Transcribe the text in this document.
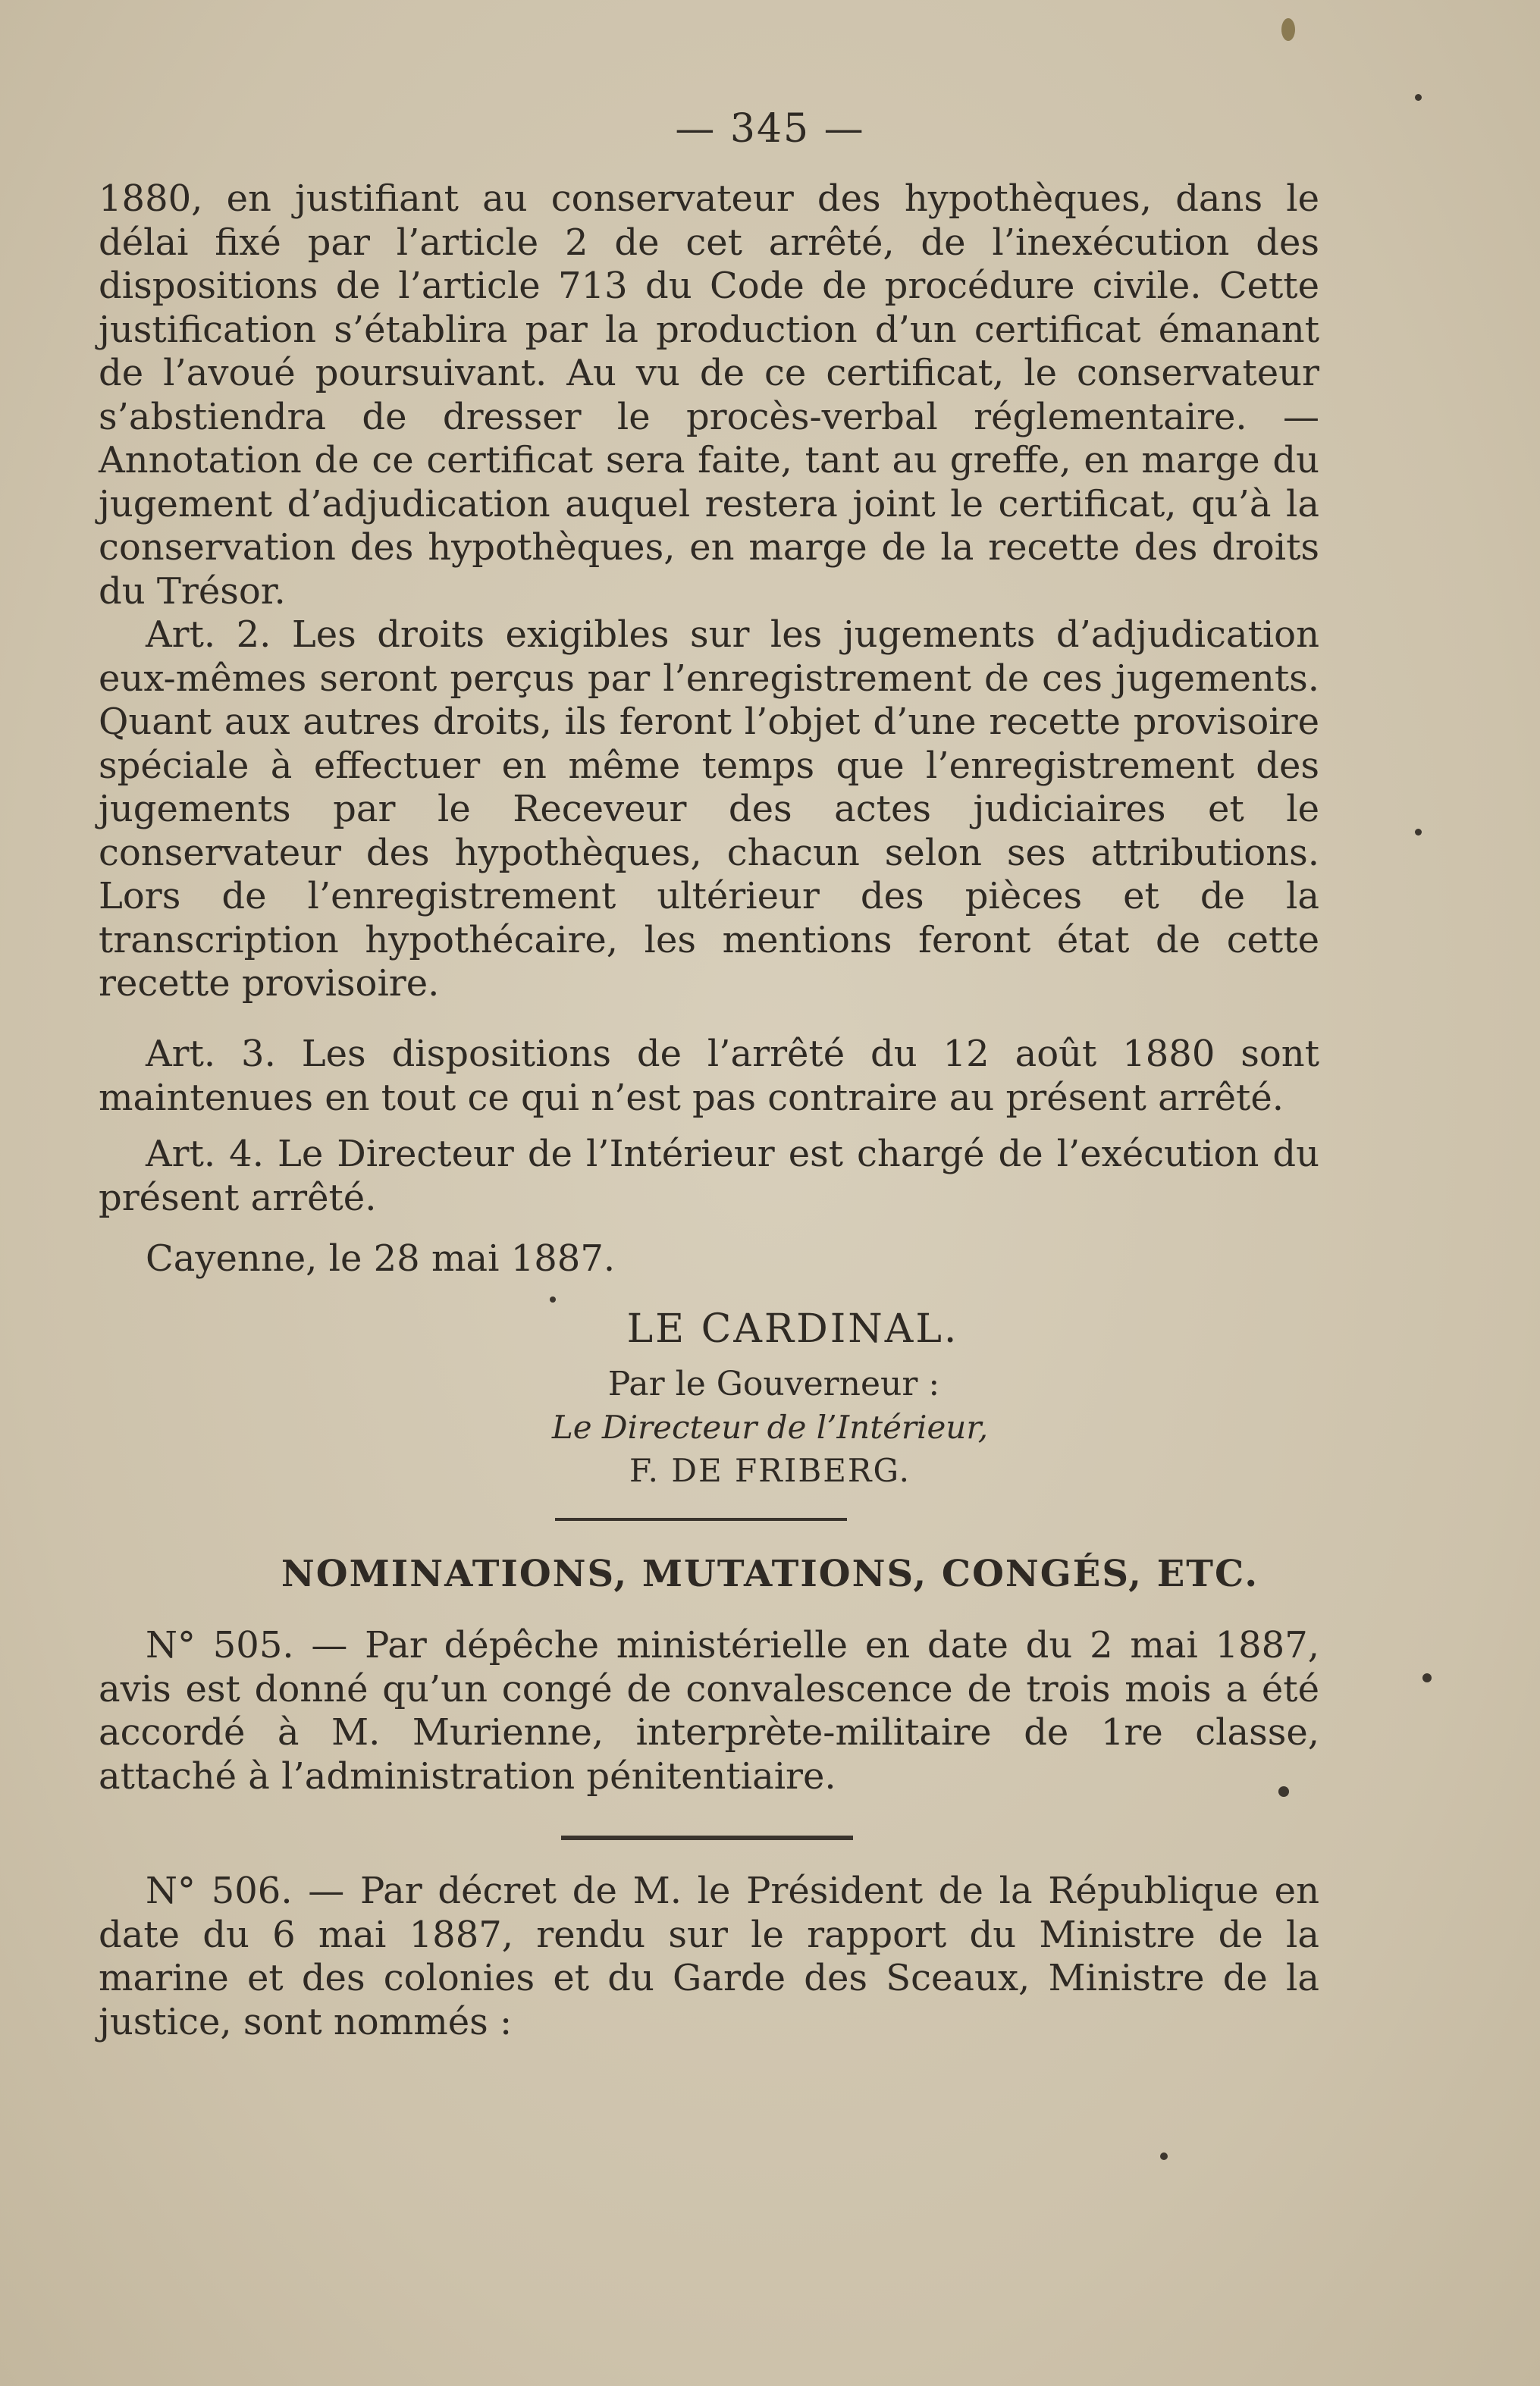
— 345 —

1880, en justifiant au conservateur des hypothèques, dans le délai fixé par l’article 2 de cet arrêté, de l’inexécution des dispositions de l’article 713 du Code de procédure civile. Cette justification s’établira par la production d’un certificat émanant de l’avoué poursuivant. Au vu de ce certificat, le conservateur s’abstiendra de dresser le procès-verbal réglementaire. — Annotation de ce certificat sera faite, tant au greffe, en marge du jugement d’adjudication auquel restera joint le certificat, qu’à la conservation des hypothèques, en marge de la recette des droits du Trésor.

Art. 2. Les droits exigibles sur les jugements d’adjudication eux-mêmes seront perçus par l’enregistrement de ces jugements. Quant aux autres droits, ils feront l’objet d’une recette provisoire spéciale à effectuer en même temps que l’enregistrement des jugements par le Receveur des actes judiciaires et le conservateur des hypothèques, chacun selon ses attributions. Lors de l’enregistrement ultérieur des pièces et de la transcription hypothécaire, les mentions feront état de cette recette provisoire.

Art. 3. Les dispositions de l’arrêté du 12 août 1880 sont maintenues en tout ce qui n’est pas contraire au présent arrêté.

Art. 4. Le Directeur de l’Intérieur est chargé de l’exécution du présent arrêté.

Cayenne, le 28 mai 1887.

LE CARDINAL.
Par le Gouverneur :
Le Directeur de l’Intérieur,
F. DE FRIBERG.
NOMINATIONS, MUTATIONS, CONGÉS, ETC.

N° 505. — Par dépêche ministérielle en date du 2 mai 1887, avis est donné qu’un congé de convalescence de trois mois a été accordé à M. Murienne, interprète-militaire de 1re classe, attaché à l’administration pénitentiaire.

N° 506. — Par décret de M. le Président de la République en date du 6 mai 1887, rendu sur le rapport du Ministre de la marine et des colonies et du Garde des Sceaux, Ministre de la justice, sont nommés :
